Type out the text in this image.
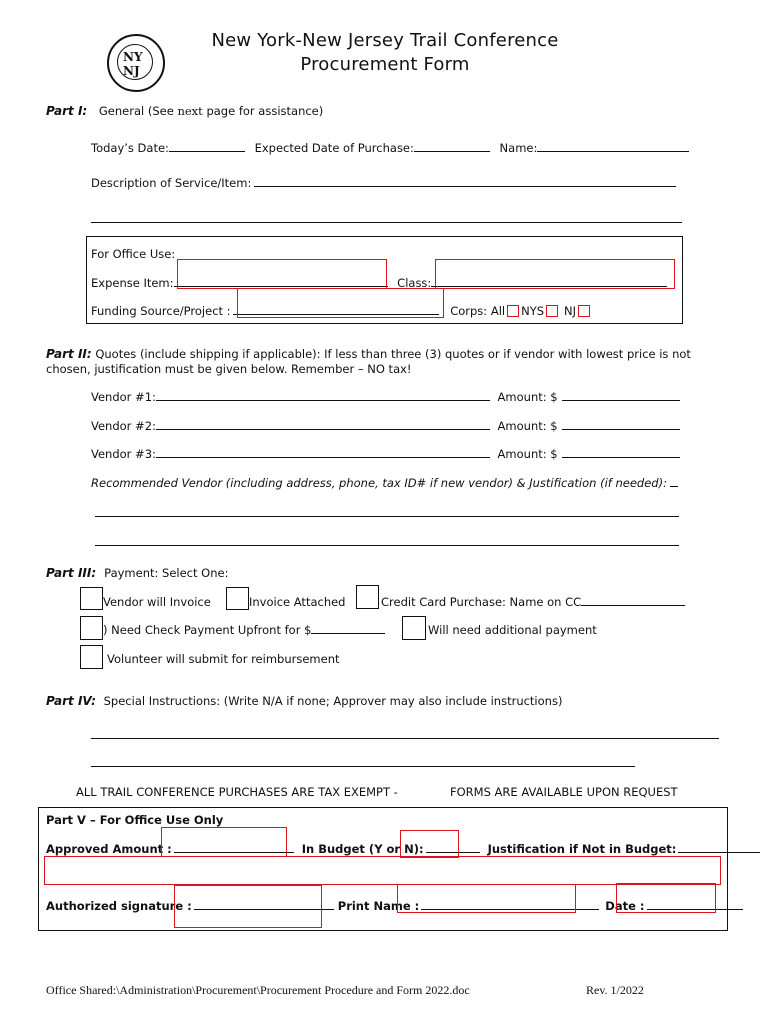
NY NJ
New York-New Jersey Trail Conference
Procurement Form
Part I: General (See next page for assistance)
Today’s Date:	Expected Date of Purchase:	Name:
Description of Service/Item:
For Office Use:
Expense Item:	Class:
Funding Source/Project :	Corps: All NYS NJ
Part II: Quotes (include shipping if applicable): If less than three (3) quotes or if vendor with lowest price is not
chosen, justification must be given below. Remember – NO tax!
Vendor #1:	Amount: $
Vendor #2:	Amount: $
Vendor #3:	Amount: $
Recommended Vendor (including address, phone, tax ID# if new vendor) & Justification (if needed):
Part III: Payment: Select One:
Vendor will Invoice	Invoice Attached	Credit Card Purchase: Name on CC
) Need Check Payment Upfront for $	Will need additional payment
Volunteer will submit for reimbursement
Part IV: Special Instructions: (Write N/A if none; Approver may also include instructions)
ALL TRAIL CONFERENCE PURCHASES ARE TAX EXEMPT -	FORMS ARE AVAILABLE UPON REQUEST
Part V – For Office Use Only
Approved Amount :	In Budget (Y or N):	Justification if Not in Budget:
Authorized signature :	Print Name :	Date :
Office Shared:\Administration\Procurement\Procurement Procedure and Form 2022.doc	Rev. 1/2022
